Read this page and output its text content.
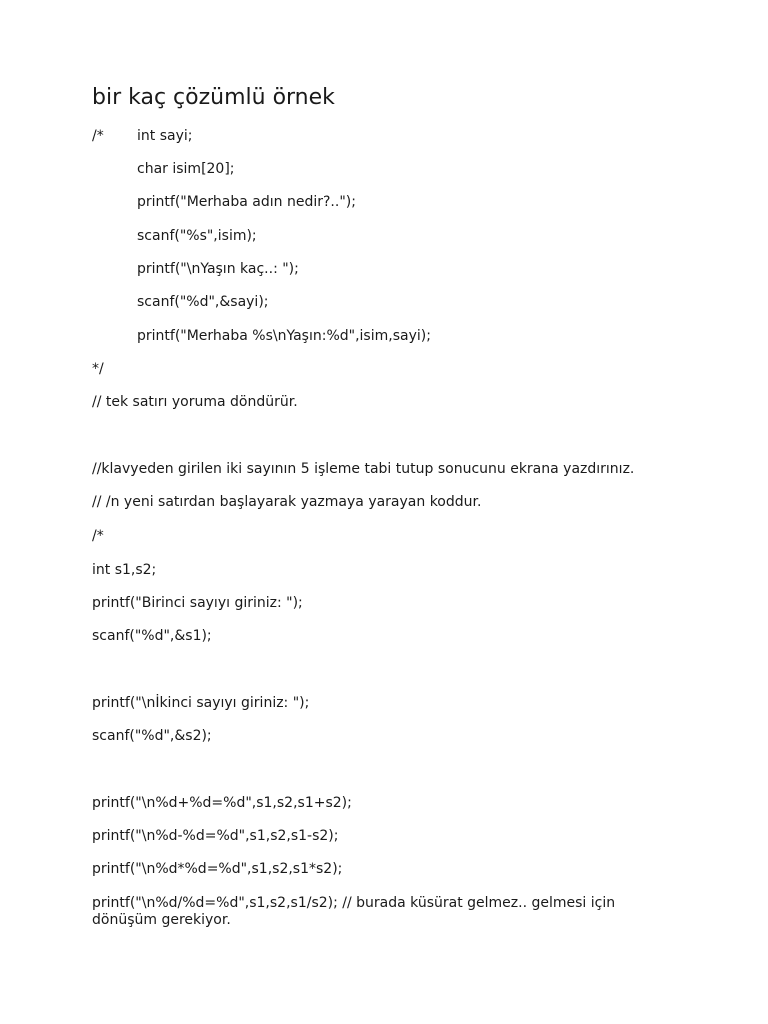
bir kaç çözümlü örnek
/* int sayi;
char isim[20];
printf("Merhaba adın nedir?..");
scanf("%s",isim);
printf("\nYaşın kaç..: ");
scanf("%d",&sayi);
printf("Merhaba %s\nYaşın:%d",isim,sayi);
*/
// tek satırı yoruma döndürür.
//klavyeden girilen iki sayının 5 işleme tabi tutup sonucunu ekrana yazdırınız.
// /n yeni satırdan başlayarak yazmaya yarayan koddur.
/*
int s1,s2;
printf("Birinci sayıyı giriniz: ");
scanf("%d",&s1);
printf("\nİkinci sayıyı giriniz: ");
scanf("%d",&s2);
printf("\n%d+%d=%d",s1,s2,s1+s2);
printf("\n%d-%d=%d",s1,s2,s1-s2);
printf("\n%d*%d=%d",s1,s2,s1*s2);
printf("\n%d/%d=%d",s1,s2,s1/s2); // burada küsürat gelmez.. gelmesi için dönüşüm gerekiyor.
